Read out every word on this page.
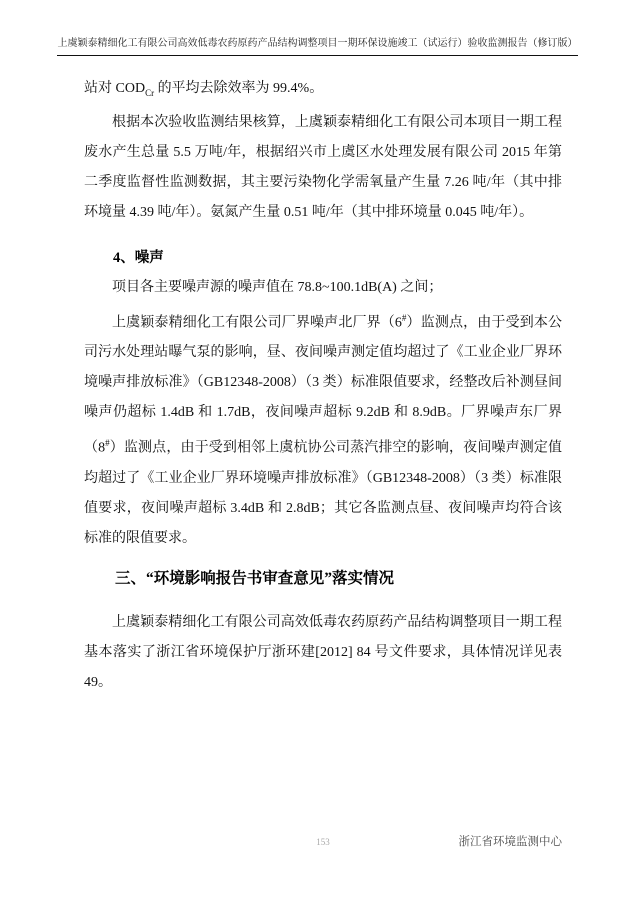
上虞颖泰精细化工有限公司高效低毒农药原药产品结构调整项目一期环保设施竣工（试运行）验收监测报告（修订版）

站对 $COD_{Cr}$ 的平均去除效率为 99.4%。

根据本次验收监测结果核算，上虞颖泰精细化工有限公司本项目一期工程废水产生总量 5.5 万吨/年，根据绍兴市上虞区水处理发展有限公司 2015 年第二季度监督性监测数据，其主要污染物化学需氧量产生量 7.26 吨/年（其中排环境量 4.39 吨/年）。氨氮产生量 0.51 吨/年（其中排环境量 0.045 吨/年）。

4、噪声

项目各主要噪声源的噪声值在 78.8~100.1dB(A) 之间；

上虞颖泰精细化工有限公司厂界噪声北厂界（6#）监测点，由于受到本公司污水处理站曝气泵的影响，昼、夜间噪声测定值均超过了《工业企业厂界环境噪声排放标准》（GB12348-2008）（3 类）标准限值要求，经整改后补测昼间噪声仍超标 1.4dB 和 1.7dB，夜间噪声超标 9.2dB 和 8.9dB。厂界噪声东厂界（8#）监测点，由于受到相邻上虞杭协公司蒸汽排空的影响，夜间噪声测定值均超过了《工业企业厂界环境噪声排放标准》（GB12348-2008）（3 类）标准限值要求，夜间噪声超标 3.4dB 和 2.8dB；其它各监测点昼、夜间噪声均符合该标准的限值要求。

三、“环境影响报告书审查意见”落实情况

上虞颖泰精细化工有限公司高效低毒农药原药产品结构调整项目一期工程基本落实了浙江省环境保护厅浙环建[2012] 84 号文件要求，具体情况详见表 49。

153	浙江省环境监测中心
